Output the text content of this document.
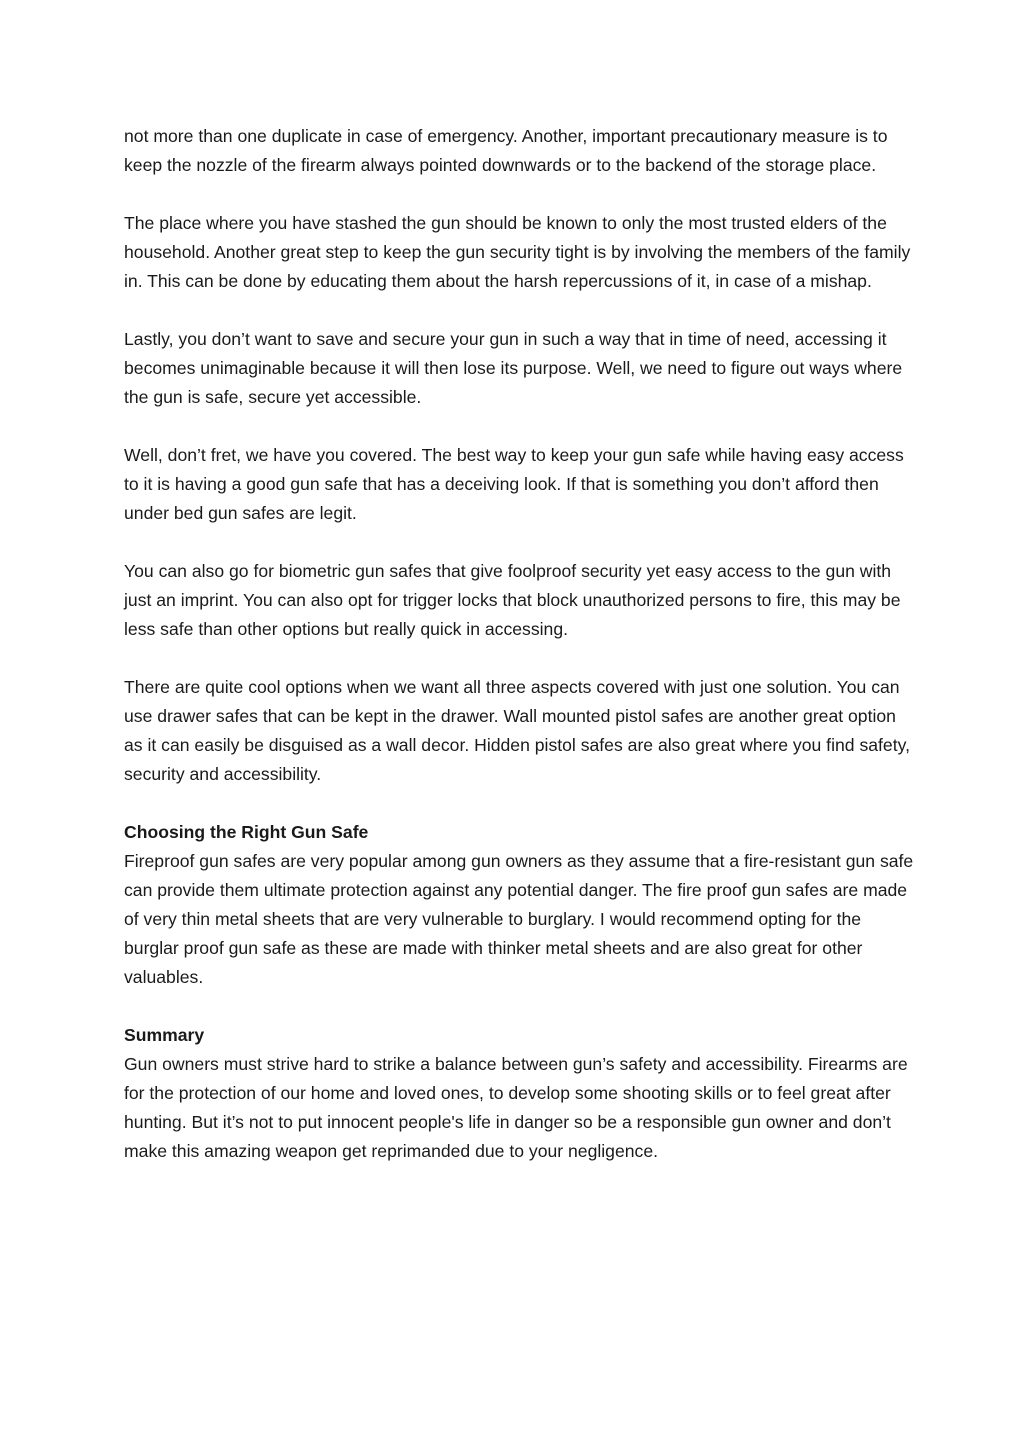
not more than one duplicate in case of emergency. Another, important precautionary measure is to keep the nozzle of the firearm always pointed downwards or to the backend of the storage place.

The place where you have stashed the gun should be known to only the most trusted elders of the household. Another great step to keep the gun security tight is by involving the members of the family in. This can be done by educating them about the harsh repercussions of it, in case of a mishap.

Lastly, you don’t want to save and secure your gun in such a way that in time of need, accessing it becomes unimaginable because it will then lose its purpose. Well, we need to figure out ways where the gun is safe, secure yet accessible.

Well, don’t fret, we have you covered. The best way to keep your gun safe while having easy access to it is having a good gun safe that has a deceiving look. If that is something you don’t afford then under bed gun safes are legit.

You can also go for biometric gun safes that give foolproof security yet easy access to the gun with just an imprint. You can also opt for trigger locks that block unauthorized persons to fire, this may be less safe than other options but really quick in accessing.

There are quite cool options when we want all three aspects covered with just one solution. You can use drawer safes that can be kept in the drawer. Wall mounted pistol safes are another great option as it can easily be disguised as a wall decor. Hidden pistol safes are also great where you find safety, security and accessibility.

Choosing the Right Gun Safe
Fireproof gun safes are very popular among gun owners as they assume that a fire-resistant gun safe can provide them ultimate protection against any potential danger. The fire proof gun safes are made of very thin metal sheets that are very vulnerable to burglary. I would recommend opting for the burglar proof gun safe as these are made with thinker metal sheets and are also great for other valuables.
Summary
Gun owners must strive hard to strike a balance between gun’s safety and accessibility. Firearms are for the protection of our home and loved ones, to develop some shooting skills or to feel great after hunting. But it’s not to put innocent people's life in danger so be a responsible gun owner and don’t make this amazing weapon get reprimanded due to your negligence.
